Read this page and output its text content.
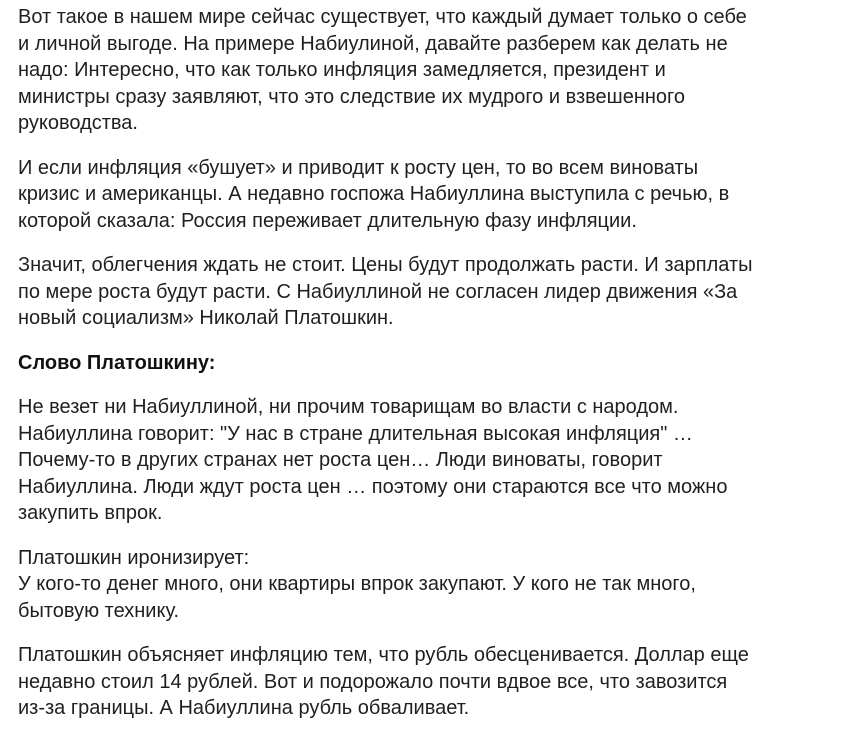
Вот такое в нашем мире сейчас существует, что каждый думает только о себе
и личной выгоде. На примере Набиулиной, давайте разберем как делать не
надо: Интересно, что как только инфляция замедляется, президент и
министры сразу заявляют, что это следствие их мудрого и взвешенного
руководства.
И если инфляция «бушует» и приводит к росту цен, то во всем виноваты
кризис и американцы. А недавно госпожа Набиуллина выступила с речью, в
которой сказала: Россия переживает длительную фазу инфляции.
Значит, облегчения ждать не стоит. Цены будут продолжать расти. И зарплаты
по мере роста будут расти. С Набиуллиной не согласен лидер движения «За
новый социализм» Николай Платошкин.
Слово Платошкину:
Не везет ни Набиуллиной, ни прочим товарищам во власти с народом.
Набиуллина говорит: "У нас в стране длительная высокая инфляция" …
Почему-то в других странах нет роста цен… Люди виноваты, говорит
Набиуллина. Люди ждут роста цен … поэтому они стараются все что можно
закупить впрок.
Платошкин иронизирует:
У кого-то денег много, они квартиры впрок закупают. У кого не так много,
бытовую технику.
Платошкин объясняет инфляцию тем, что рубль обесценивается. Доллар еще
недавно стоил 14 рублей. Вот и подорожало почти вдвое все, что завозится
из-за границы. А Набиуллина рубль обваливает.
